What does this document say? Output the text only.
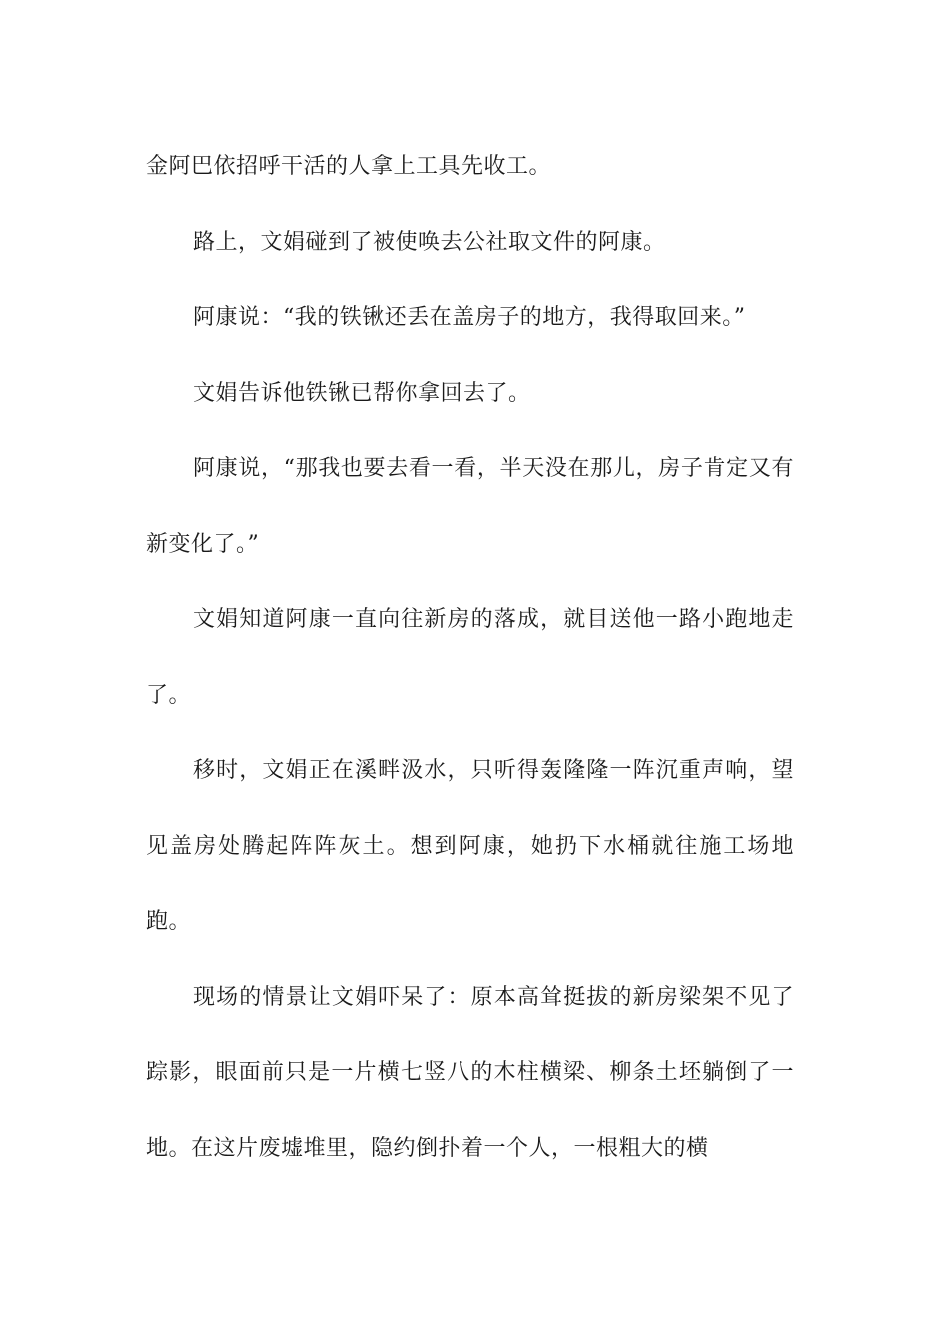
金阿巴依招呼干活的人拿上工具先收工。

路上，文娟碰到了被使唤去公社取文件的阿康。

阿康说：“我的铁锹还丢在盖房子的地方，我得取回来。”

文娟告诉他铁锹已帮你拿回去了。

阿康说，“那我也要去看一看，半天没在那儿，房子肯定又有新变化了。”

文娟知道阿康一直向往新房的落成，就目送他一路小跑地走了。

移时，文娟正在溪畔汲水，只听得轰隆隆一阵沉重声响，望见盖房处腾起阵阵灰土。想到阿康，她扔下水桶就往施工场地跑。

现场的情景让文娟吓呆了：原本高耸挺拔的新房梁架不见了踪影，眼面前只是一片横七竖八的木柱横梁、柳条土坯躺倒了一地。在这片废墟堆里，隐约倒扑着一个人，一根粗大的横
